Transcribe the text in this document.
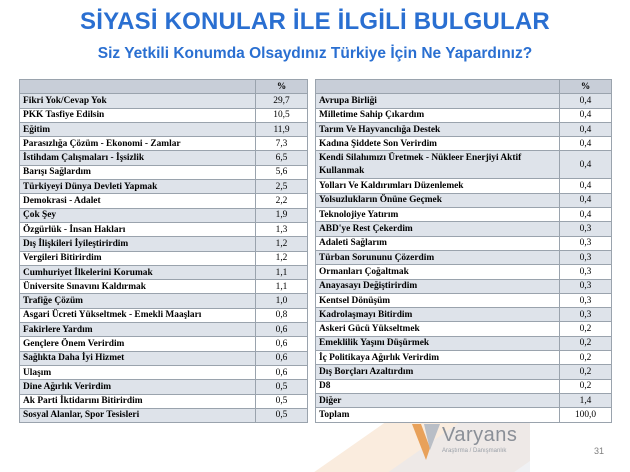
SİYASİ KONULAR İLE İLGİLİ BULGULAR
Siz Yetkili Konumda Olsaydınız Türkiye İçin Ne Yapardınız?
	%
Fikri Yok/Cevap Yok	29,7
PKK Tasfiye Edilsin	10,5
Eğitim	11,9
Parasızlığa Çözüm - Ekonomi - Zamlar	7,3
İstihdam Çalışmaları - İşsizlik	6,5
Barışı Sağlardım	5,6
Türkiyeyi Dünya Devleti Yapmak	2,5
Demokrasi - Adalet	2,2
Çok Şey	1,9
Özgürlük - İnsan Hakları	1,3
Dış İlişkileri İyileştirirdim	1,2
Vergileri Bitirirdim	1,2
Cumhuriyet İlkelerini Korumak	1,1
Üniversite Sınavını Kaldırmak	1,1
Trafiğe Çözüm	1,0
Asgari Ücreti Yükseltmek - Emekli Maaşları	0,8
Fakirlere Yardım	0,6
Gençlere Önem Verirdim	0,6
Sağlıkta Daha İyi Hizmet	0,6
Ulaşım	0,6
Dine Ağırlık Verirdim	0,5
Ak Parti İktidarını Bitirirdim	0,5
Sosyal Alanlar, Spor Tesisleri	0,5
	%
Avrupa Birliği	0,4
Milletime Sahip Çıkardım	0,4
Tarım Ve Hayvancılığa Destek	0,4
Kadına Şiddete Son Verirdim	0,4
Kendi Silahımızı Üretmek - Nükleer Enerjiyi Aktif Kullanmak	0,4
Yolları Ve Kaldırımları Düzenlemek	0,4
Yolsuzlukların Önüne Geçmek	0,4
Teknolojiye Yatırım	0,4
ABD'ye Rest Çekerdim	0,3
Adaleti Sağlarım	0,3
Türban Sorununu Çözerdim	0,3
Ormanları Çoğaltmak	0,3
Anayasayı Değiştirirdim	0,3
Kentsel Dönüşüm	0,3
Kadrolaşmayı Bitirdim	0,3
Askeri Gücü Yükseltmek	0,2
Emeklilik Yaşını Düşürmek	0,2
İç Politikaya Ağırlık Verirdim	0,2
Dış Borçları Azaltırdım	0,2
D8	0,2
Diğer	1,4
Toplam	100,0
Varyans
Araştırma / Danışmanlık	31
